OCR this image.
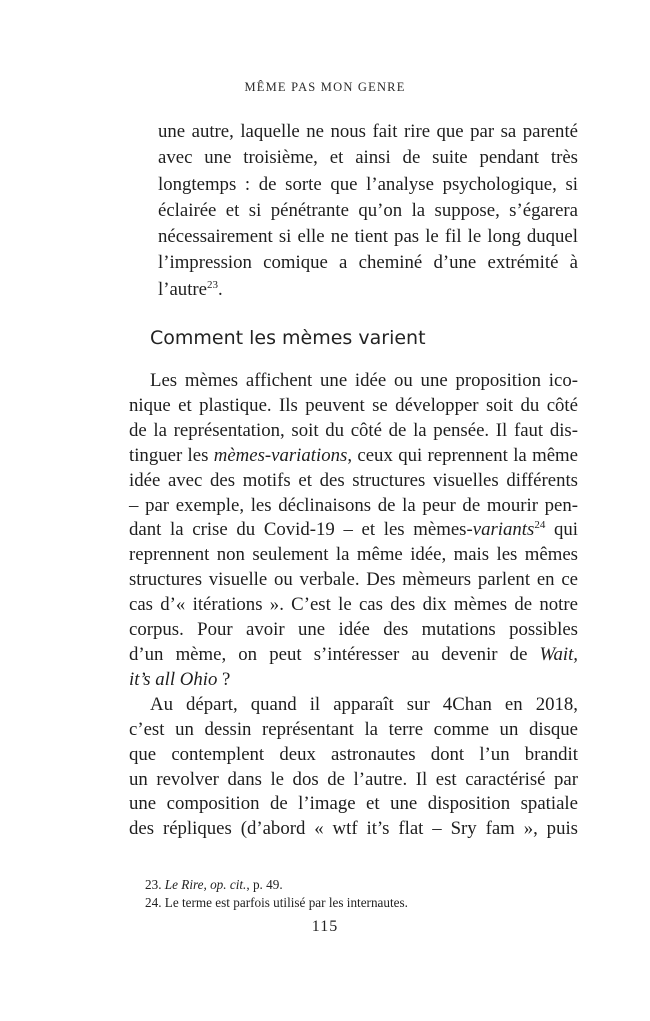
MÊME PAS MON GENRE
une autre, laquelle ne nous fait rire que par sa parenté
avec une troisième, et ainsi de suite pendant très
longtemps : de sorte que l’analyse psychologique, si
éclairée et si pénétrante qu’on la suppose, s’égarera
nécessairement si elle ne tient pas le fil le long duquel
l’impression comique a cheminé d’une extrémité à
l’autre$^{23}$.
Comment les mèmes varient
Les mèmes affichent une idée ou une proposition ico-
nique et plastique. Ils peuvent se développer soit du côté
de la représentation, soit du côté de la pensée. Il faut dis-
tinguer les mèmes-variations, ceux qui reprennent la même
idée avec des motifs et des structures visuelles différents
– par exemple, les déclinaisons de la peur de mourir pen-
dant la crise du Covid-19 – et les mèmes-variants$^{24}$ qui
reprennent non seulement la même idée, mais les mêmes
structures visuelle ou verbale. Des mèmeurs parlent en ce
cas d’« itérations ». C’est le cas des dix mèmes de notre
corpus. Pour avoir une idée des mutations possibles
d’un mème, on peut s’intéresser au devenir de Wait,
it’s all Ohio ?
Au départ, quand il apparaît sur 4Chan en 2018,
c’est un dessin représentant la terre comme un disque
que contemplent deux astronautes dont l’un brandit
un revolver dans le dos de l’autre. Il est caractérisé par
une composition de l’image et une disposition spatiale
des répliques (d’abord « wtf it’s flat – Sry fam », puis
23. Le Rire, op. cit., p. 49.
24. Le terme est parfois utilisé par les internautes.
115
